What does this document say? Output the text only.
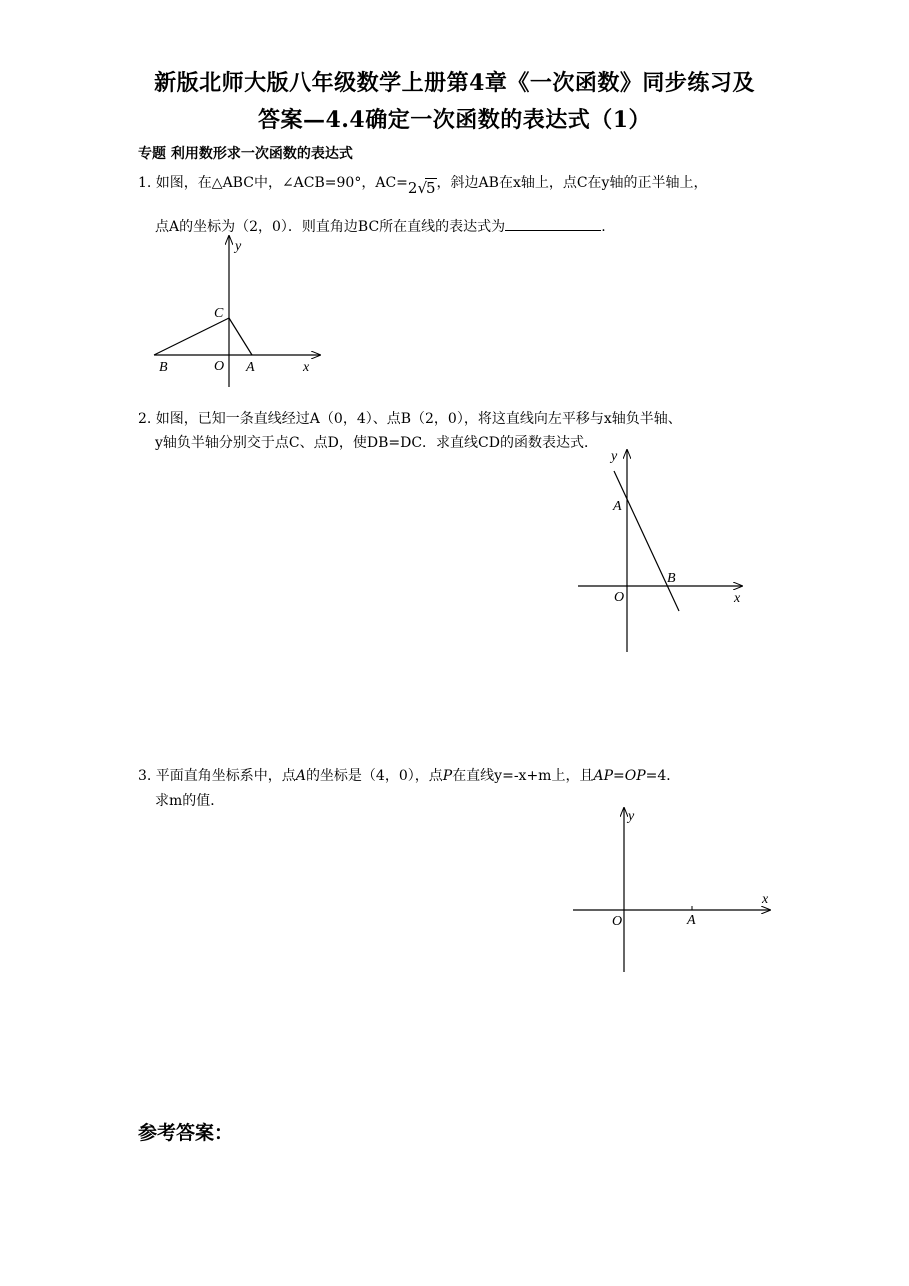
新版北师大版八年级数学上册第4章《一次函数》同步练习及
答案—4.4确定一次函数的表达式（1）
专题 利用数形求一次函数的表达式
1. 如图，在△ABC中，∠ACB=90°，AC=2√5，斜边AB在x轴上，点C在y轴的正半轴上，
点A的坐标为（2，0）．则直角边BC所在直线的表达式为	.
y
C
B	O A	x
y
A
B
O	x
y
x
O	A
2. 如图，已知一条直线经过A（0，4）、点B（2，0），将这直线向左平移与x轴负半轴、
y轴负半轴分别交于点C、点D，使DB=DC．求直线CD的函数表达式．
3. 平面直角坐标系中，点A的坐标是（4，0），点P在直线y=-x+m上，且AP=OP=4．
求m的值．
参考答案：
